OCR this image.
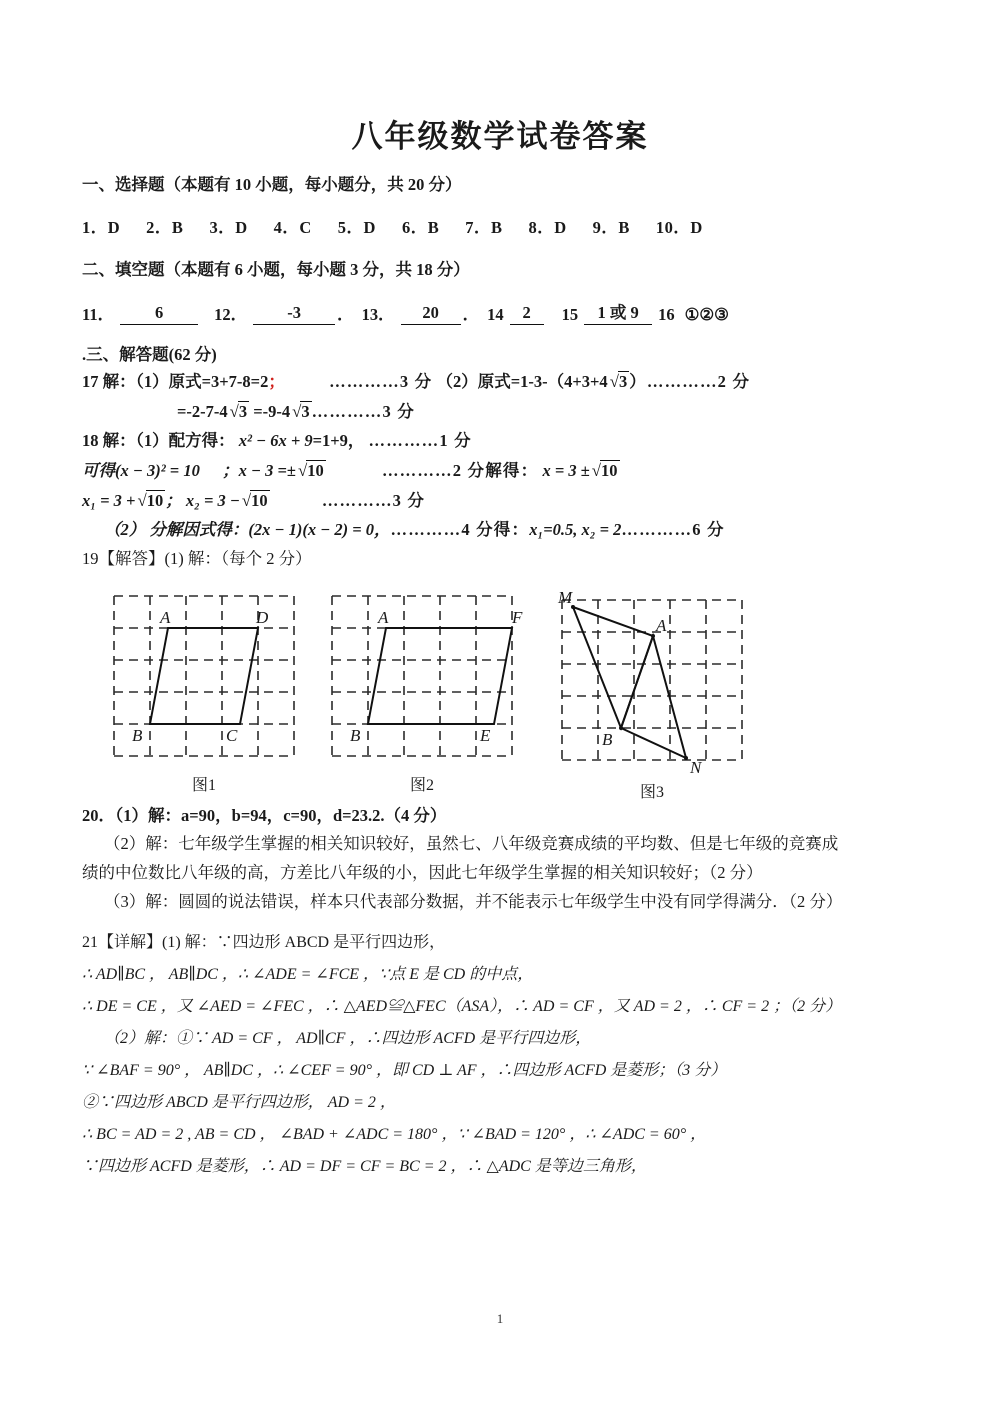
八年级数学试卷答案
一、选择题（本题有 10 小题，每小题分，共 20 分）
1．D 2．B 3．D 4．C 5．D 6．B 7．B 8．D 9．B 10．D
二、填空题（本题有 6 小题，每小题 3 分，共 18 分）
11．	6	12．	-3	． 13．	20	． 14	2	15	1 或 9	16 ①②③
.三、解答题(62 分)
17 解：（1）原式=3+7-8=2；	…………3 分 （2）原式=1-3-（4+3+4 √3 ）…………2 分
=-2-7-4 √3 =-9-4 √3 …………3 分
18 解：（1）配方得： x² − 6x + 9=1+9， …………1 分
可得(x − 3)² = 10 ；x − 3 =± √10	…………2 分解得： x = 3 ± √10
x₁ = 3 + √10 ； x₂ = 3 − √10	…………3 分
（2） 分解因式得：(2x − 1)(x − 2) = 0，…………4 分得：x₁=0.5, x₂ = 2…………6 分
19【解答】(1) 解：（每个 2 分）
A	D
B	C
图1
A	F
B	E
图2
M
A
B
N
图3
20．（1）解：a=90，b=94，c=90，d=23.2.（4 分）
（2）解：七年级学生掌握的相关知识较好，虽然七、八年级竞赛成绩的平均数、但是七年级的竞赛成
绩的中位数比八年级的高，方差比八年级的小，因此七年级学生掌握的相关知识较好；（2 分）
（3）解：圆圆的说法错误，样本只代表部分数据，并不能表示七年级学生中没有同学得满分．（2 分）
21【详解】(1) 解：∵四边形 ABCD 是平行四边形，
∴ AD∥BC ， AB∥DC ，∴ ∠ADE = ∠FCE ，∵点 E 是 CD 的中点，
∴ DE = CE ，又 ∠AED = ∠FEC ，∴ △AED≌△FEC（ASA），∴ AD = CF ，又 AD = 2 ，∴ CF = 2 ；（2 分）
（2）解：①∵ AD = CF ， AD∥CF ，∴四边形 ACFD 是平行四边形，
∵ ∠BAF = 90° ， AB∥DC ，∴ ∠CEF = 90° ，即 CD ⊥ AF ，∴四边形 ACFD 是菱形；（3 分）
②∵四边形 ABCD 是平行四边形， AD = 2 ，
∴ BC = AD = 2 , AB = CD ， ∠BAD + ∠ADC = 180° ，∵ ∠BAD = 120° ，∴ ∠ADC = 60° ，
∵四边形 ACFD 是菱形，∴ AD = DF = CF = BC = 2 ，∴ △ADC 是等边三角形，
1
